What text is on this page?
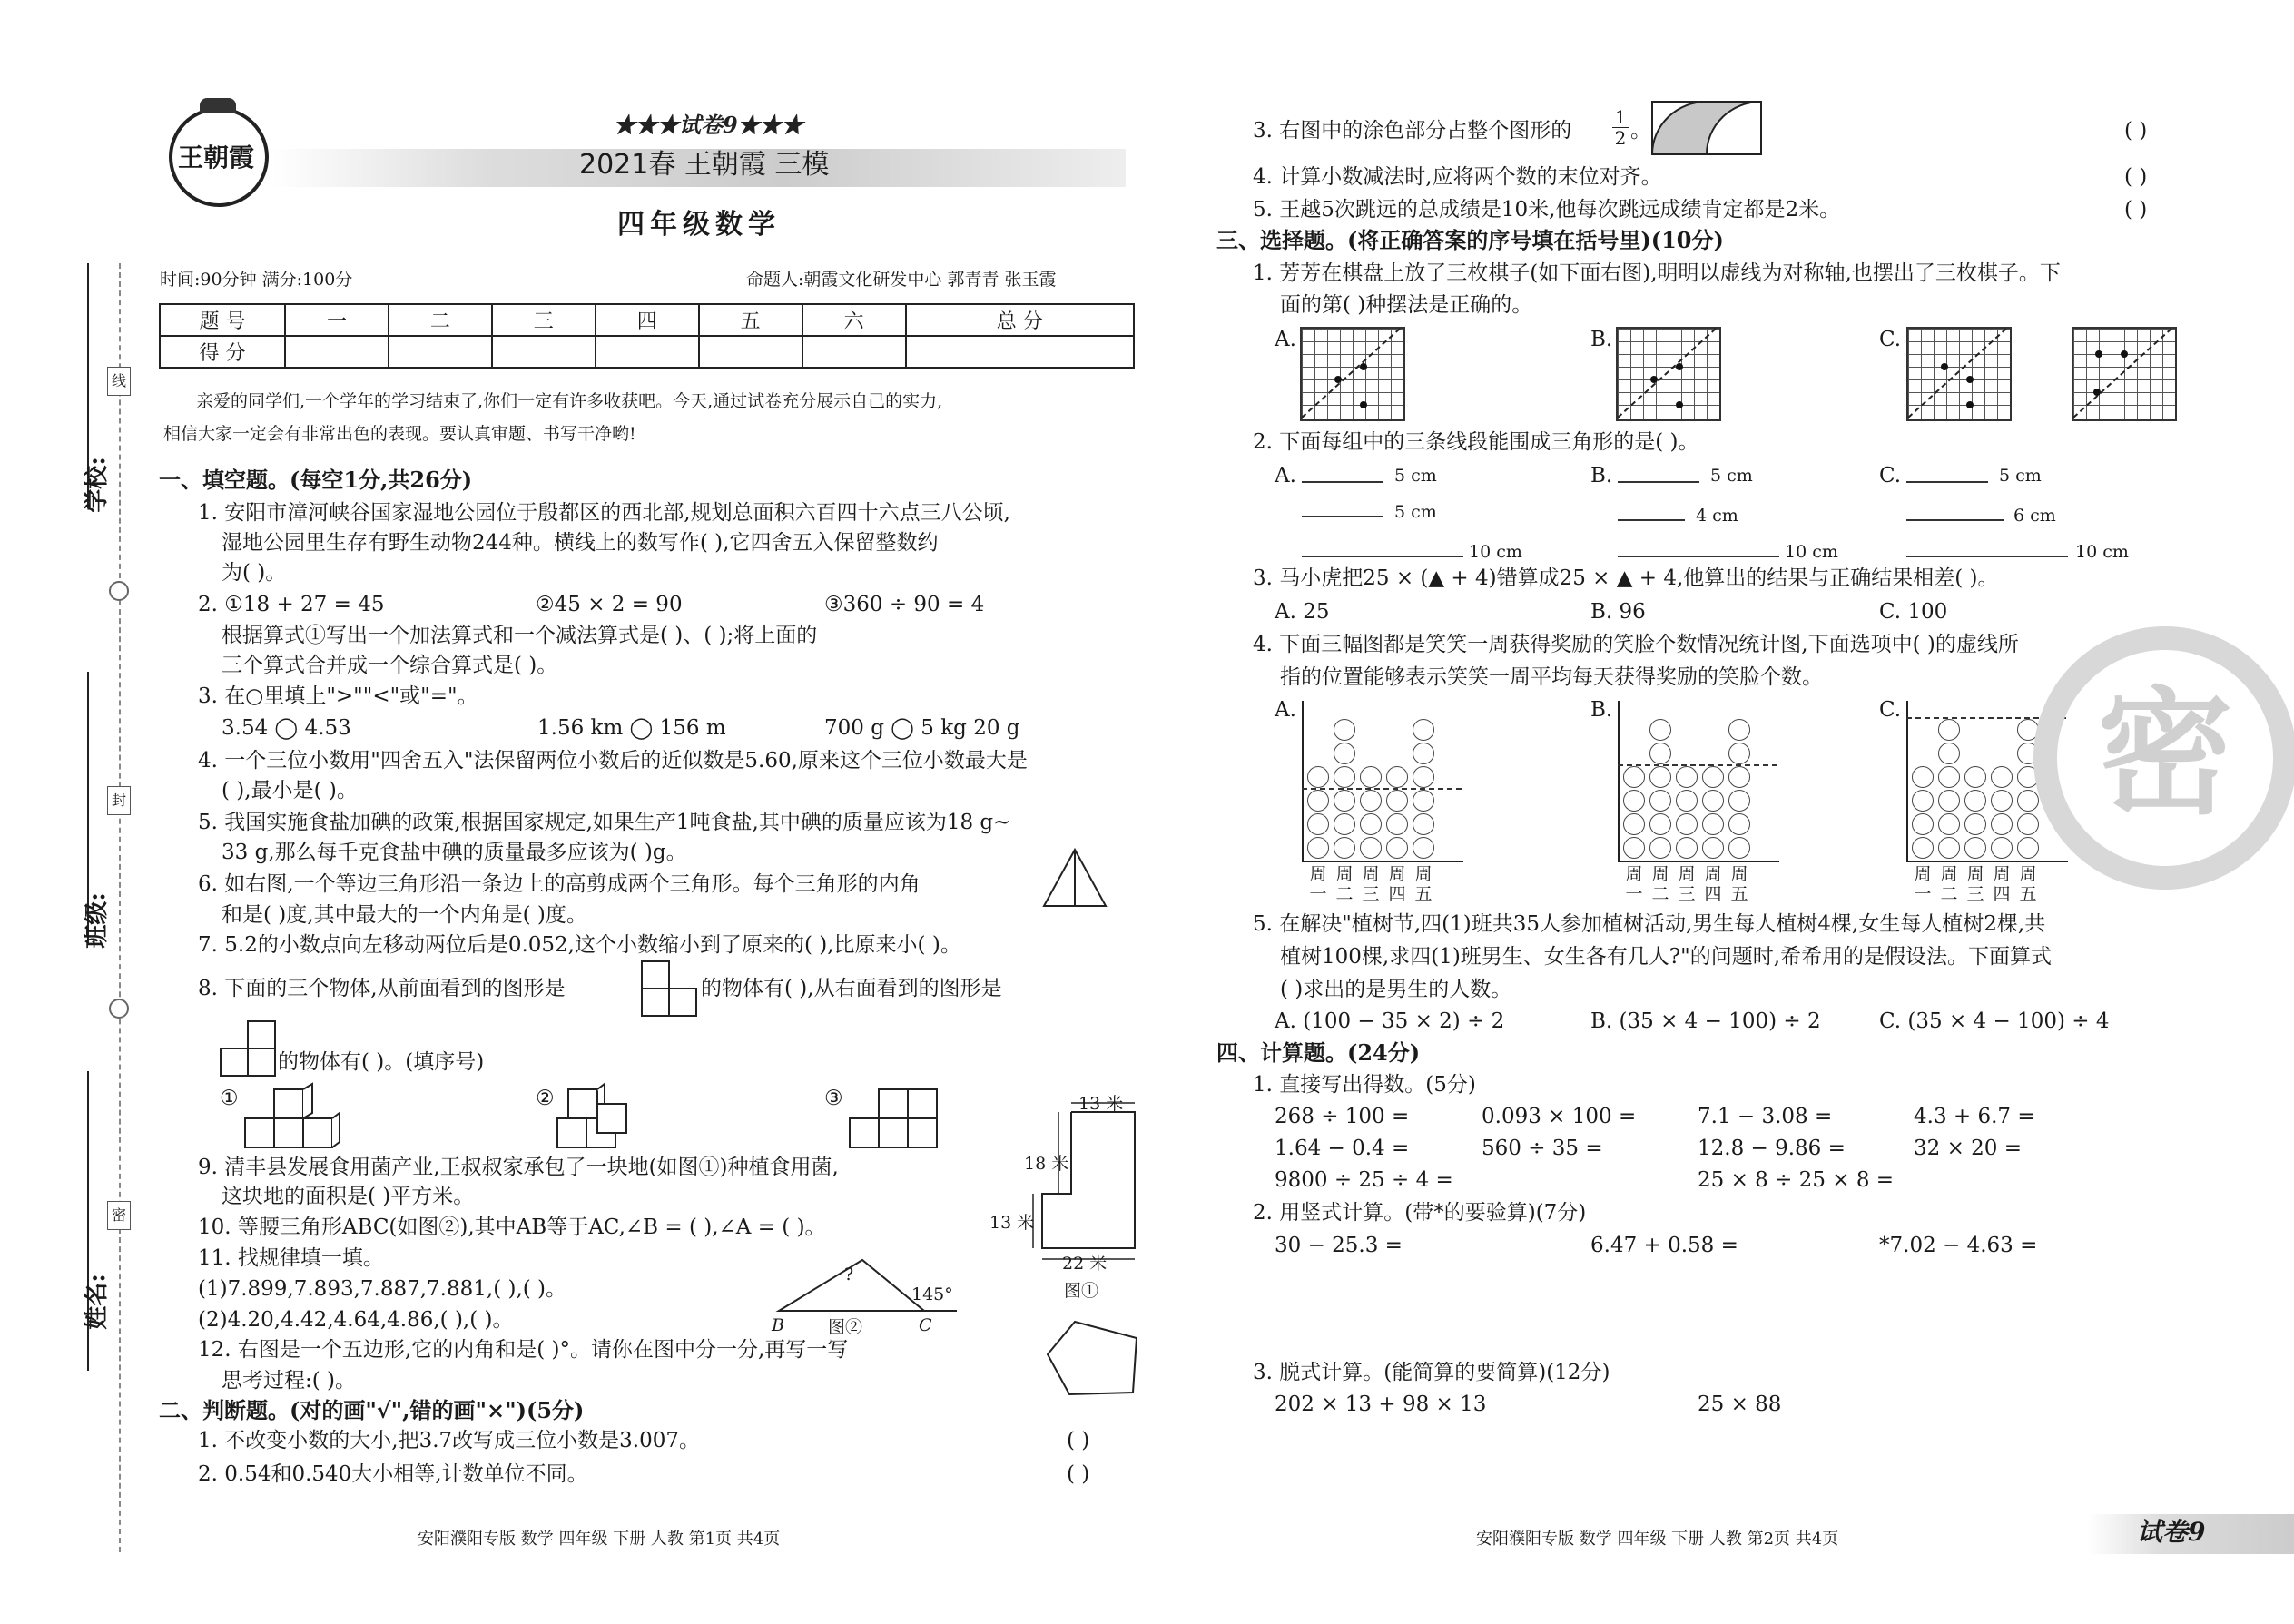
学校:
班级:
姓名:
线
封
密
王朝霞
★★★试卷9★★★
2021春 王朝霞 三模
四年级数学
时间:90分钟 满分:100分	命题人:朝霞文化研发中心 郭青青 张玉霞
题 号	一	二	三	四	五	六	总 分
得 分							
亲爱的同学们,一个学年的学习结束了,你们一定有许多收获吧。今天,通过试卷充分展示自己的实力,
相信大家一定会有非常出色的表现。要认真审题、书写干净哟!
一、填空题。(每空1分,共26分)
1. 安阳市漳河峡谷国家湿地公园位于殷都区的西北部,规划总面积六百四十六点三八公顷,
湿地公园里生存有野生动物244种。横线上的数写作( ),它四舍五入保留整数约
为( )。
2. ①18 + 27 = 45	②45 × 2 = 90	③360 ÷ 90 = 4
根据算式①写出一个加法算式和一个减法算式是( )、( );将上面的
三个算式合并成一个综合算式是( )。
3. 在○里填上">""<"或"="。
3.54 ◯ 4.53	1.56 km ◯ 156 m	700 g ◯ 5 kg 20 g
4. 一个三位小数用"四舍五入"法保留两位小数后的近似数是5.60,原来这个三位小数最大是
( ),最小是( )。
5. 我国实施食盐加碘的政策,根据国家规定,如果生产1吨食盐,其中碘的质量应该为18 g~
33 g,那么每千克食盐中碘的质量最多应该为( )g。
6. 如右图,一个等边三角形沿一条边上的高剪成两个三角形。每个三角形的内角
和是( )度,其中最大的一个内角是( )度。
7. 5.2的小数点向左移动两位后是0.052,这个小数缩小到了原来的( ),比原来小( )。
8. 下面的三个物体,从前面看到的图形是	的物体有( ),从右面看到的图形是
的物体有( )。(填序号)
①	②	③
9. 清丰县发展食用菌产业,王叔叔家承包了一块地(如图①)种植食用菌,
这块地的面积是( )平方米。
13 米
18 米
13 米
22 米
图①
10. 等腰三角形ABC(如图②),其中AB等于AC,∠B = ( ),∠A = ( )。
11. 找规律填一填。
(1)7.899,7.893,7.887,7.881,( ),( )。
(2)4.20,4.42,4.64,4.86,( ),( )。
?
145°
B	C
图②
12. 右图是一个五边形,它的内角和是( )°。请你在图中分一分,再写一写
思考过程:( )。
二、判断题。(对的画"√",错的画"×")(5分)
1. 不改变小数的大小,把3.7改写成三位小数是3.007。	( )
2. 0.54和0.540大小相等,计数单位不同。	( )
安阳濮阳专版 数学 四年级 下册 人教 第1页 共4页
3. 右图中的涂色部分占整个图形的
1
2 。	( )
4. 计算小数减法时,应将两个数的末位对齐。	( )
5. 王越5次跳远的总成绩是10米,他每次跳远成绩肯定都是2米。	( )
三、选择题。(将正确答案的序号填在括号里)(10分)
1. 芳芳在棋盘上放了三枚棋子(如下面右图),明明以虚线为对称轴,也摆出了三枚棋子。下
面的第( )种摆法是正确的。
A.	B.	C.
2. 下面每组中的三条线段能围成三角形的是( )。
A.	5 cm
5 cm
10 cm
B.	5 cm
4 cm
10 cm
C.	5 cm
6 cm
10 cm
3. 马小虎把25 × (▲ + 4)错算成25 × ▲ + 4,他算出的结果与正确结果相差( )。
A. 25	B. 96	C. 100
4. 下面三幅图都是笑笑一周获得奖励的笑脸个数情况统计图,下面选项中( )的虚线所
指的位置能够表示笑笑一周平均每天获得奖励的笑脸个数。
A.	B.	C.
周一
周二
周三
周四
周五
周一
周二
周三
周四
周五
周一
周二
周三
周四
周五
5. 在解决"植树节,四(1)班共35人参加植树活动,男生每人植树4棵,女生每人植树2棵,共
植树100棵,求四(1)班男生、女生各有几人?"的问题时,希希用的是假设法。下面算式
( )求出的是男生的人数。
A. (100 − 35 × 2) ÷ 2	B. (35 × 4 − 100) ÷ 2	C. (35 × 4 − 100) ÷ 4
四、计算题。(24分)
1. 直接写出得数。(5分)
268 ÷ 100 =	0.093 × 100 =	7.1 − 3.08 =	4.3 + 6.7 =
1.64 − 0.4 =	560 ÷ 35 =	12.8 − 9.86 =	32 × 20 =
9800 ÷ 25 ÷ 4 =	25 × 8 ÷ 25 × 8 =
2. 用竖式计算。(带*的要验算)(7分)
30 − 25.3 =	6.47 + 0.58 =	*7.02 − 4.63 =
3. 脱式计算。(能简算的要简算)(12分)
202 × 13 + 98 × 13	25 × 88
密
安阳濮阳专版 数学 四年级 下册 人教 第2页 共4页	试卷9
